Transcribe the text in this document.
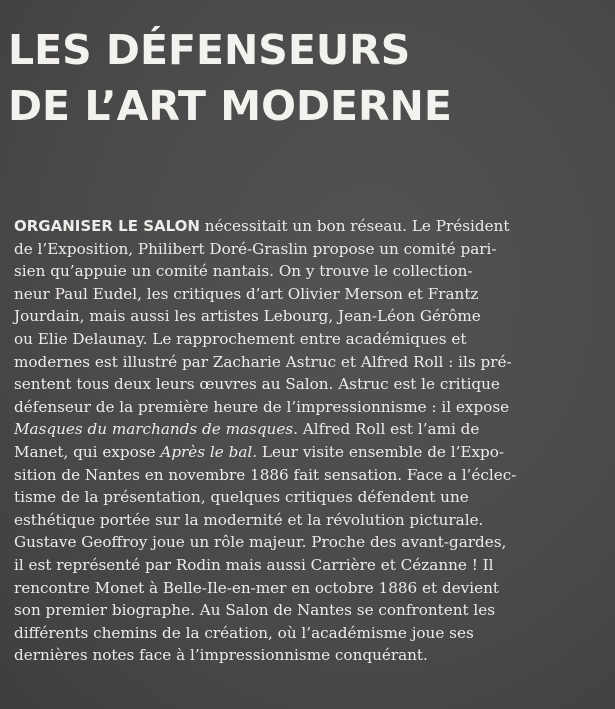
LES DÉFENSEURS
DE L’ART MODERNE
ORGANISER LE SALON nécessitait un bon réseau. Le Président
de l’Exposition, Philibert Doré-Graslin propose un comité pari-
sien qu’appuie un comité nantais. On y trouve le collection-
neur Paul Eudel, les critiques d’art Olivier Merson et Frantz
Jourdain, mais aussi les artistes Lebourg, Jean-Léon Gérôme
ou Elie Delaunay. Le rapprochement entre académiques et
modernes est illustré par Zacharie Astruc et Alfred Roll : ils pré-
sentent tous deux leurs œuvres au Salon. Astruc est le critique
défenseur de la première heure de l’impressionnisme : il expose
Masques du marchands de masques. Alfred Roll est l’ami de
Manet, qui expose Après le bal. Leur visite ensemble de l’Expo-
sition de Nantes en novembre 1886 fait sensation. Face a l’éclec-
tisme de la présentation, quelques critiques défendent une
esthétique portée sur la modernité et la révolution picturale.
Gustave Geoffroy joue un rôle majeur. Proche des avant-gardes,
il est représenté par Rodin mais aussi Carrière et Cézanne ! Il
rencontre Monet à Belle-Ile-en-mer en octobre 1886 et devient
son premier biographe. Au Salon de Nantes se confrontent les
différents chemins de la création, où l’académisme joue ses
dernières notes face à l’impressionnisme conquérant.
